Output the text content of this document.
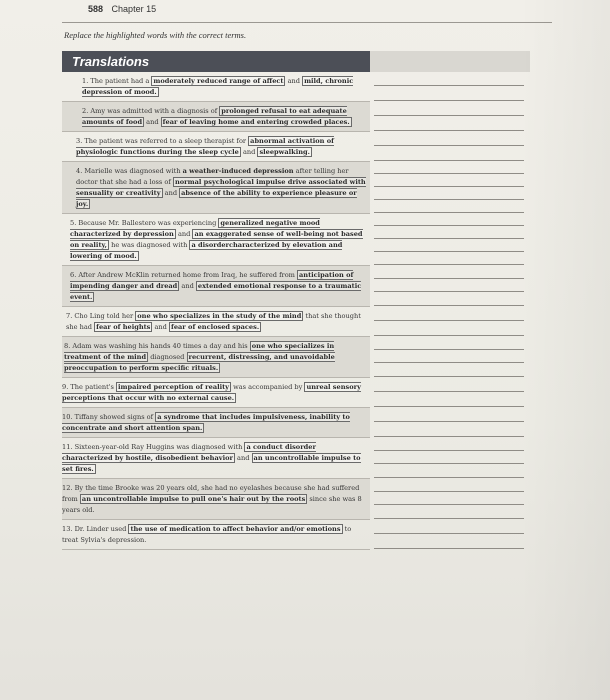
588 Chapter 15
Replace the highlighted words with the correct terms.
Translations
1. The patient had a moderately reduced range of affect and mild, chronic depression of mood.
2. Amy was admitted with a diagnosis of prolonged refusal to eat adequate amounts of food and fear of leaving home and entering crowded places.
3. The patient was referred to a sleep therapist for abnormal activation of physiologic functions during the sleep cycle and sleepwalking.
4. Marielle was diagnosed with a weather-induced depression after telling her doctor that she had a loss of normal psychological impulse drive associated with sensuality or creativity and absence of the ability to experience pleasure or joy.
5. Because Mr. Ballestero was experiencing generalized negative mood characterized by depression and an exaggerated sense of well-being not based on reality, he was diagnosed with a disordercharacterized by elevation and lowering of mood.
6. After Andrew McKlin returned home from Iraq, he suffered from anticipation of impending danger and dread and extended emotional response to a traumatic event.
7. Cho Ling told her one who specializes in the study of the mind that she thought she had fear of heights and fear of enclosed spaces.
8. Adam was washing his hands 40 times a day and his one who specializes in treatment of the mind diagnosed recurrent, distressing, and unavoidable preoccupation to perform specific rituals.
9. The patient's impaired perception of reality was accompanied by unreal sensory perceptions that occur with no external cause.
10. Tiffany showed signs of a syndrome that includes impulsiveness, inability to concentrate and short attention span.
11. Sixteen-year-old Ray Huggins was diagnosed with a conduct disorder characterized by hostile, disobedient behavior and an uncontrollable impulse to set fires.
12. By the time Brooke was 20 years old, she had no eyelashes because she had suffered from an uncontrollable impulse to pull one's hair out by the roots since she was 8 years old.
13. Dr. Linder used the use of medication to affect behavior and/or emotions to treat Sylvia's depression.
